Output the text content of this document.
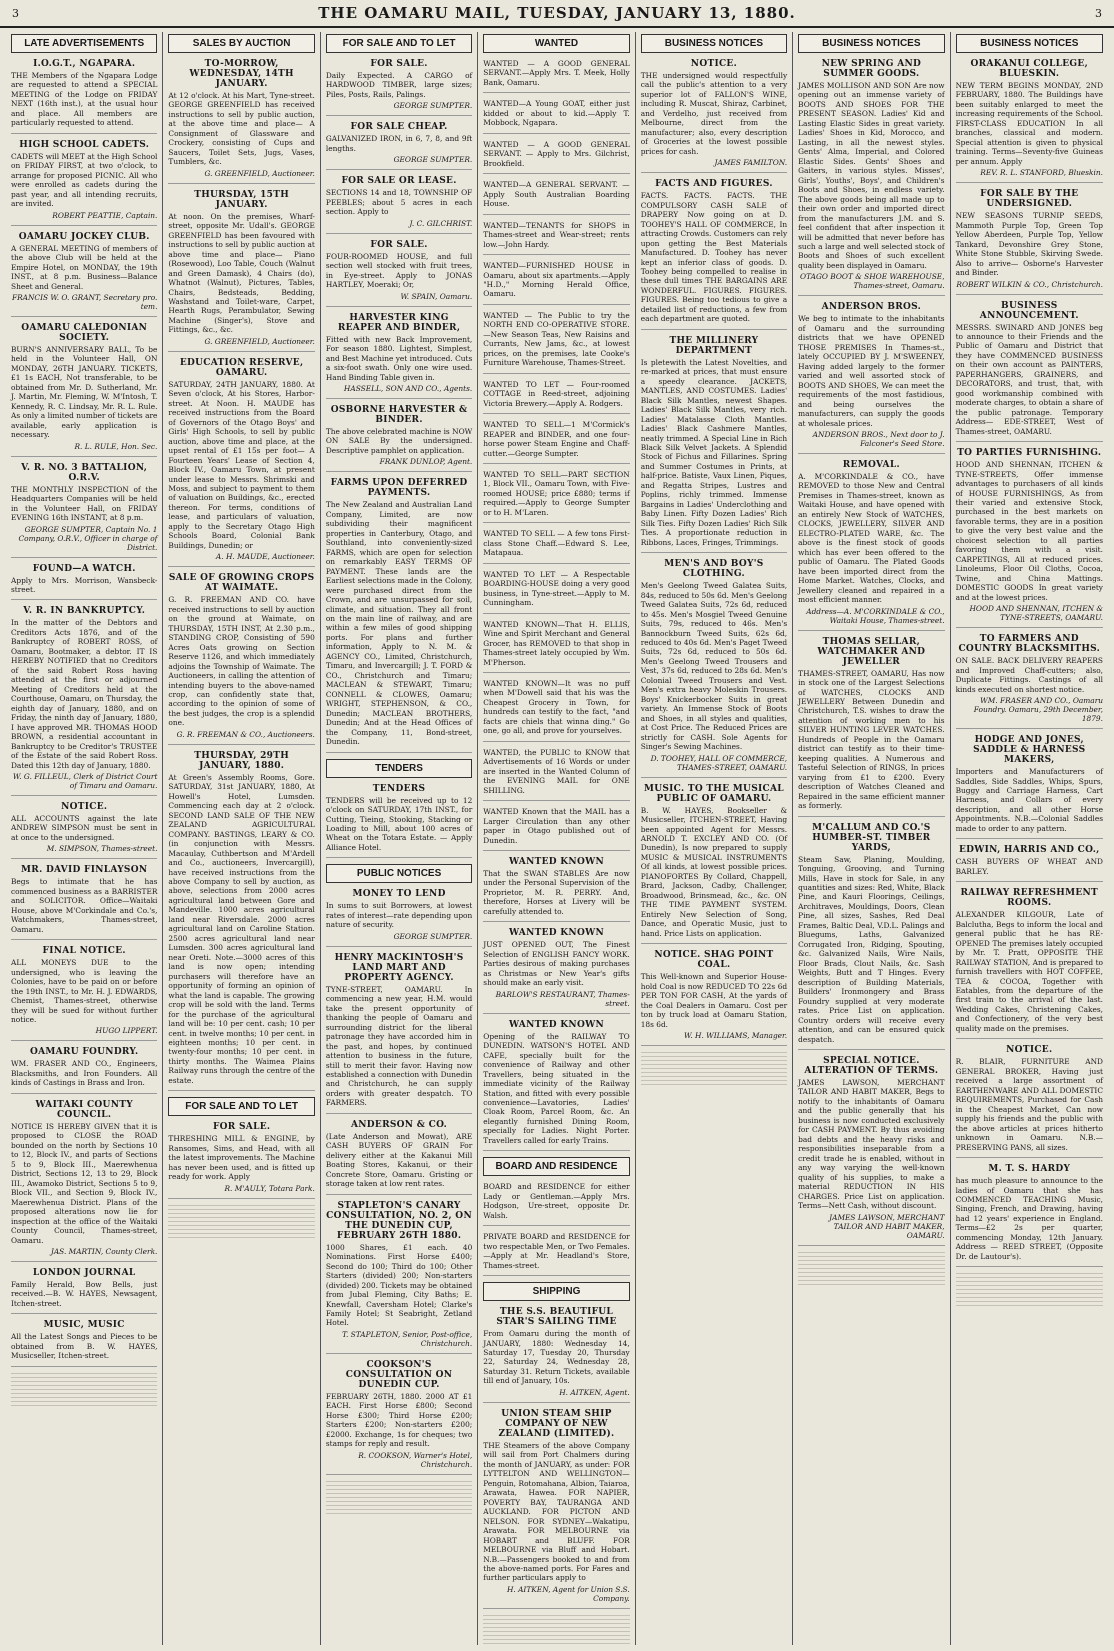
3	THE OAMARU MAIL, TUESDAY, JANUARY 13, 1880.	3
LATE ADVERTISEMENTS
I.O.G.T., NGAPARA.
THE Members of the Ngapara Lodge are requested to attend a SPECIAL MEETING of the Lodge on FRIDAY NEXT (16th inst.), at the usual hour and place. All members are particularly requested to attend.
HIGH SCHOOL CADETS.
CADETS will MEET at the High School on FRIDAY FIRST, at two o'clock, to arrange for proposed PICNIC. All who were enrolled as cadets during the past year, and all intending recruits, are invited.
ROBERT PEATTIE, Captain.
OAMARU JOCKEY CLUB.
A GENERAL MEETING of members of the above Club will be held at the Empire Hotel, on MONDAY, the 19th INST., at 8 p.m. Business—Balance Sheet and General.
FRANCIS W. O. GRANT, Secretary pro. tem.
OAMARU CALEDONIAN SOCIETY.
BURN'S ANNIVERSARY BALL, To be held in the Volunteer Hall, ON MONDAY, 26TH JANUARY. TICKETS, £1 1s EACH, Not transferable, to be obtained from Mr. D. Sutherland, Mr. J. Martin, Mr. Fleming, W. M'Intosh, T. Kennedy, R. C. Lindsay, Mr. R. L. Rule. As only a limited number of tickets are available, early application is necessary.
R. L. RULE, Hon. Sec.
V. R. NO. 3 BATTALION, O.R.V.
THE MONTHLY INSPECTION of the Headquarters Companies will be held in the Volunteer Hall, on FRIDAY EVENING 16th INSTANT, at 8 p.m.
GEORGE SUMPTER, Captain No. 1 Company, O.R.V., Officer in charge of District.
FOUND—A WATCH.
Apply to Mrs. Morrison, Wansbeck-street.
V. R. IN BANKRUPTCY.
In the matter of the Debtors and Creditors Acts 1876, and of the Bankruptcy of ROBERT ROSS, of Oamaru, Bootmaker, a debtor. IT IS HEREBY NOTIFIED that no Creditors of the said Robert Ross having attended at the first or adjourned Meeting of Creditors held at the Courthouse, Oamaru, on Thursday, the eighth day of January, 1880, and on Friday, the ninth day of January, 1880, I have approved MR. THOMAS HOOD BROWN, a residential accountant in Bankruptcy to be Creditor's TRUSTEE of the Estate of the said Robert Ross. Dated this 12th day of January, 1880.
W. G. FILLEUL, Clerk of District Court of Timaru and Oamaru.
NOTICE.
ALL ACCOUNTS against the late ANDREW SIMPSON must be sent in at once to the undersigned.
M. SIMPSON, Thames-street.
MR. DAVID FINLAYSON
Begs to intimate that he has commenced business as a BARRISTER and SOLICITOR. Office—Waitaki House, above M'Corkindale and Co.'s, Watchmakers, Thames-street, Oamaru.
FINAL NOTICE.
ALL MONEYS DUE to the undersigned, who is leaving the Colonies, have to be paid on or before the 19th INST., to Mr. H. J. EDWARDS, Chemist, Thames-street, otherwise they will be sued for without further notice.
HUGO LIPPERT.
OAMARU FOUNDRY.
WM. FRASER AND CO., Engineers, Blacksmiths, and Iron Founders. All kinds of Castings in Brass and Iron.
WAITAKI COUNTY COUNCIL.
NOTICE IS HEREBY GIVEN that it is proposed to CLOSE the ROAD bounded on the north by Sections 10 to 12, Block IV., and parts of Sections 5 to 9, Block III., Maerewhenua District, Sections 12, 13 to 29, Block III., Awamoko District, Sections 5 to 9, Block VII., and Section 9, Block IV., Maerewhenua District. Plans of the proposed alterations now lie for inspection at the office of the Waitaki County Council, Thames-street, Oamaru.
JAS. MARTIN, County Clerk.
LONDON JOURNAL
Family Herald, Bow Bells, just received.—B. W. HAYES, Newsagent, Itchen-street.
MUSIC, MUSIC
All the Latest Songs and Pieces to be obtained from B. W. HAYES, Musicseller, Itchen-street.
SALES BY AUCTION
TO-MORROW, WEDNESDAY, 14TH JANUARY.
At 12 o'clock. At his Mart, Tyne-street. GEORGE GREENFIELD has received instructions to sell by public auction, at the above time and place— A Consignment of Glassware and Crockery, consisting of Cups and Saucers, Toilet Sets, Jugs, Vases, Tumblers, &c.
G. GREENFIELD, Auctioneer.
THURSDAY, 15TH JANUARY.
At noon. On the premises, Wharf-street, opposite Mr. Udall's. GEORGE GREENFIELD has been favoured with instructions to sell by public auction at above time and place— Piano (Rosewood), Loo Table, Couch (Walnut and Green Damask), 4 Chairs (do), Whatnot (Walnut), Pictures, Tables, Chairs, Bedsteads, Bedding, Washstand and Toilet-ware, Carpet, Hearth Rugs, Perambulator, Sewing Machine (Singer's), Stove and Fittings, &c., &c.
G. GREENFIELD, Auctioneer.
EDUCATION RESERVE, OAMARU.
SATURDAY, 24TH JANUARY, 1880. At Seven o'clock, At his Stores, Harbor-street. At Noon. H. MAUDE has received instructions from the Board of Governors of the Otago Boys' and Girls' High Schools, to sell by public auction, above time and place, at the upset rental of £1 15s per foot— A Fourteen Years' Lease of Section 4, Block IV., Oamaru Town, at present under lease to Messrs. Shrimski and Moss, and subject to payment to them of valuation on Buildings, &c., erected thereon. For terms, conditions of lease, and particulars of valuation, apply to the Secretary Otago High Schools Board, Colonial Bank Buildings, Dunedin; or
A. H. MAUDE, Auctioneer.
SALE OF GROWING CROPS AT WAIMATE.
G. R. FREEMAN AND CO. have received instructions to sell by auction on the ground at Waimate, on THURSDAY, 15TH INST, At 2.30 p.m., STANDING CROP, Consisting of 590 Acres Oats growing on Section Reserve 1126, and which immediately adjoins the Township of Waimate. The Auctioneers, in calling the attention of intending buyers to the above-named crop, can confidently state that, according to the opinion of some of the best judges, the crop is a splendid one.
G. R. FREEMAN & CO., Auctioneers.
THURSDAY, 29TH JANUARY, 1880.
At Green's Assembly Rooms, Gore. SATURDAY, 31st JANUARY, 1880, At Howell's Hotel, Lumsden. Commencing each day at 2 o'clock. SECOND LAND SALE OF THE NEW ZEALAND AGRICULTURAL COMPANY. BASTINGS, LEARY & CO. (in conjunction with Messrs. Macaulay, Cuthbertson and M'Ardell and Co., auctioneers, Invercargill), have received instructions from the above Company to sell by auction, as above, selections from 2000 acres agricultural land between Gore and Mandeville. 1000 acres agricultural land near Riversdale. 2000 acres agricultural land on Caroline Station. 2500 acres agricultural land near Lumsden. 300 acres agricultural land near Oreti. Note.—3000 acres of this land is now open; intending purchasers will therefore have an opportunity of forming an opinion of what the land is capable. The growing crop will be sold with the land. Terms for the purchase of the agricultural land will be: 10 per cent. cash; 10 per cent. in twelve months; 10 per cent. in eighteen months; 10 per cent. in twenty-four months; 10 per cent. in thirty months. The Waimea Plains Railway runs through the centre of the estate.
FOR SALE AND TO LET
FOR SALE.
THRESHING MILL & ENGINE, by Ransomes, Sims, and Head, with all the latest improvements. The Machine has never been used, and is fitted up ready for work. Apply
R. M'AULY, Totara Park.
FOR SALE AND TO LET
FOR SALE.
Daily Expected. A CARGO of HARDWOOD TIMBER, large sizes; Piles, Posts, Rails, Palings.
GEORGE SUMPTER.
FOR SALE CHEAP.
GALVANIZED IRON, in 6, 7, 8, and 9ft lengths.
GEORGE SUMPTER.
FOR SALE OR LEASE.
SECTIONS 14 and 18, TOWNSHIP OF PEEBLES; about 5 acres in each section. Apply to
J. C. GILCHRIST.
FOR SALE.
FOUR-ROOMED HOUSE, and full section well stocked with fruit trees, in Eye-street. Apply to JONAS HARTLEY, Moeraki; Or,
W. SPAIN, Oamaru.
HARVESTER KING REAPER AND BINDER,
Fitted with new Back Improvement, For season 1880. Lightest, Simplest, and Best Machine yet introduced. Cuts a six-foot swath. Only one wire used. Hand Binding Table given in.
HASSELL, SON AND CO., Agents.
OSBORNE HARVESTER & BINDER.
The above celebrated machine is NOW ON SALE By the undersigned. Descriptive pamphlet on application.
FRANK DUNLOP, Agent.
FARMS UPON DEFERRED PAYMENTS.
The New Zealand and Australian Land Company, Limited, are now subdividing their magnificent properties in Canterbury, Otago, and Southland, into conveniently-sized FARMS, which are open for selection on remarkably EASY TERMS OF PAYMENT. These lands are the Earliest selections made in the Colony, were purchased direct from the Crown, and are unsurpassed for soil, climate, and situation. They all front on the main line of railway, and are within a few miles of good shipping ports. For plans and further information, Apply to N. M. & AGENCY CO., Limited, Christchurch, Timaru, and Invercargill; J. T. FORD & CO., Christchurch and Timaru; MACLEAN & STEWART, Timaru; CONNELL & CLOWES, Oamaru; WRIGHT, STEPHENSON, & CO., Dunedin; MACLEAN BROTHERS, Dunedin; And at the Head Offices of the Company, 11, Bond-street, Dunedin.
TENDERS
TENDERS
TENDERS will be received up to 12 o'clock on SATURDAY, 17th INST., for Cutting, Tieing, Stooking, Stacking or Loading to Mill, about 100 acres of Wheat on the Totara Estate. — Apply Alliance Hotel.
PUBLIC NOTICES
MONEY TO LEND
In sums to suit Borrowers, at lowest rates of interest—rate depending upon nature of security.
GEORGE SUMPTER.
HENRY MACKINTOSH'S LAND MART AND PROPERTY AGENCY.
TYNE-STREET, OAMARU. In commencing a new year, H.M. would take the present opportunity of thanking the people of Oamaru and surrounding district for the liberal patronage they have accorded him in the past, and hopes, by continued attention to business in the future, still to merit their favor. Having now established a connection with Dunedin and Christchurch, he can supply orders with greater despatch. TO FARMERS.
ANDERSON & CO.
(Late Anderson and Mowat), ARE CASH BUYERS OF GRAIN For delivery either at the Kakanui Mill Boating Stores, Kakanui, or their Concrete Store, Oamaru. Gristing or storage taken at low rent rates.
STAPLETON'S CANARY CONSULTATION, NO. 2, ON THE DUNEDIN CUP, FEBRUARY 26TH 1880.
1000 Shares, £1 each. 40 Nominations. First Horse £400; Second do 100; Third do 100; Other Starters (divided) 200; Non-starters (divided) 200. Tickets may be obtained from Jubal Fleming, City Baths; E. Knewfall, Caversham Hotel; Clarke's Family Hotel; St Seabright, Zetland Hotel.
T. STAPLETON, Senior, Post-office, Christchurch.
COOKSON'S CONSULTATION ON DUNEDIN CUP.
FEBRUARY 26TH, 1880. 2000 AT £1 EACH. First Horse £800; Second Horse £300; Third Horse £200; Starters £200; Non-starters £200; £2000. Exchange, 1s for cheques; two stamps for reply and result.
R. COOKSON, Warner's Hotel, Christchurch.
WANTED
WANTED — A GOOD GENERAL SERVANT.—Apply Mrs. T. Meek, Holly Bank, Oamaru.
WANTED—A Young GOAT, either just kidded or about to kid.—Apply T. Mobbock, Ngapara.
WANTED — A GOOD GENERAL SERVANT. — Apply to Mrs. Gilchrist, Brookfield.
WANTED—A GENERAL SERVANT. — Apply South Australian Boarding House.
WANTED—TENANTS for SHOPS in Thames-street and Wear-street; rents low.—John Hardy.
WANTED—FURNISHED HOUSE in Oamaru, about six apartments.—Apply "H.D.," Morning Herald Office, Oamaru.
WANTED — The Public to try the NORTH END CO-OPERATIVE STORE.—New Season Teas, New Raisins and Currants, New Jams, &c., at lowest prices, on the premises, late Cooke's Furniture Warehouse, Thames-Street.
WANTED TO LET — Four-roomed COTTAGE in Reed-street, adjoining Victoria Brewery.—Apply A. Rodgers.
WANTED TO SELL—1 M'Cormick's REAPER and BINDER, and one four-horse power Steam Engine and Chaff-cutter.—George Sumpter.
WANTED TO SELL—PART SECTION 1, Block VII., Oamaru Town, with Five-roomed HOUSE; price £880; terms if required.—Apply to George Sumpter or to H. M'Laren.
WANTED TO SELL — A few tons First-class Stone Chaff.—Edward S. Lee, Matapaua.
WANTED TO LET — A Respectable BOARDING-HOUSE doing a very good business, in Tyne-street.—Apply to M. Cunningham.
WANTED KNOWN—That H. ELLIS, Wine and Spirit Merchant and General Grocer, has REMOVED to that shop in Thames-street lately occupied by Wm. M'Pherson.
WANTED KNOWN—It was no puff when M'Dowell said that his was the Cheapest Grocery in Town, for hundreds can testify to the fact, "and facts are chiels that winna ding." Go one, go all, and prove for yourselves.
WANTED, the PUBLIC to KNOW that Advertisements of 16 Words or under are inserted in the Wanted Column of the EVENING MAIL for ONE SHILLING.
WANTED Known that the MAIL has a Larger Circulation than any other paper in Otago published out of Dunedin.
WANTED KNOWN
That the SWAN STABLES Are now under the Personal Supervision of the Proprietor, M. R. PERRY. And, therefore, Horses at Livery will be carefully attended to.
WANTED KNOWN
JUST OPENED OUT, The Finest Selection of ENGLISH FANCY WORK. Parties desirous of making purchases as Christmas or New Year's gifts should make an early visit.
BARLOW'S RESTAURANT, Thames-street.
WANTED KNOWN
Opening of the RAILWAY TO DUNEDIN. WATSON'S HOTEL AND CAFE, specially built for the convenience of Railway and other Travellers, being situated in the immediate vicinity of the Railway Station, and fitted with every possible convenience—Lavatories, Ladies' Cloak Room, Parcel Room, &c. An elegantly furnished Dining Room, specially for Ladies. Night Porter. Travellers called for early Trains.
BOARD AND RESIDENCE
BOARD and RESIDENCE for either Lady or Gentleman.—Apply Mrs. Hodgson, Ure-street, opposite Dr. Walsh.
PRIVATE BOARD and RESIDENCE for two respectable Men, or Two Females.—Apply at Mr. Headland's Store, Thames-street.
SHIPPING
THE S.S. BEAUTIFUL STAR'S SAILING TIME
From Oamaru during the month of JANUARY, 1880: Wednesday 14, Saturday 17, Tuesday 20, Thursday 22, Saturday 24, Wednesday 28, Saturday 31. Return Tickets, available till end of January, 10s.
H. AITKEN, Agent.
UNION STEAM SHIP COMPANY OF NEW ZEALAND (LIMITED).
THE Steamers of the above Company will sail from Port Chalmers during the month of JANUARY, as under: FOR LYTTELTON AND WELLINGTON—Penguin, Rotomahana, Albion, Taiaroa, Arawata, Hawea. FOR NAPIER, POVERTY BAY, TAURANGA AND AUCKLAND. FOR PICTON AND NELSON. FOR SYDNEY—Wakatipu, Arawata. FOR MELBOURNE via HOBART and BLUFF. FOR MELBOURNE via Bluff and Hobart. N.B.—Passengers booked to and from the above-named ports. For Fares and further particulars apply to
H. AITKEN, Agent for Union S.S. Company.
BUSINESS NOTICES
NOTICE.
THE undersigned would respectfully call the public's attention to a very superior lot of FALLON'S WINE, including R. Muscat, Shiraz, Carbinet, and Verdelho, just received from Melbourne, direct from the manufacturer; also, every description of Groceries at the lowest possible prices for cash.
JAMES FAMILTON.
FACTS AND FIGURES.
FACTS. FACTS. FACTS. THE COMPULSORY CASH SALE of DRAPERY Now going on at D. TOOHEY'S HALL OF COMMERCE, In attracting Crowds. Customers can rely upon getting the Best Materials Manufactured. D. Toohey has never kept an inferior class of goods. D. Toohey being compelled to realise in these dull times THE BARGAINS ARE WONDERFUL. FIGURES. FIGURES. FIGURES. Being too tedious to give a detailed list of reductions, a few from each department are quoted.
THE MILLINERY DEPARTMENT
Is pletewith the Latest Novelties, and re-marked at prices, that must ensure a speedy clearance. JACKETS, MANTLES, AND COSTUMES. Ladies' Black Silk Mantles, newest Shapes. Ladies' Black Silk Mantles, very rich. Ladies' Matalasse Cloth Mantles. Ladies' Black Cashmere Mantles, neatly trimmed. A Special Line in Rich Black Silk Velvet Jackets. A Splendid Stock of Fichus and Fillarines. Spring and Summer Costumes in Prints, at half-price. Batiste, Vaux Linen, Piques, and Regatta Stripes, Lustres and Poplins, richly trimmed. Immense Bargains in Ladies' Underclothing and Baby Linen. Fifty Dozen Ladies' Rich Silk Ties. Fifty Dozen Ladies' Rich Silk Ties. A proportionate reduction in Ribbons, Laces, Fringes, Trimmings.
MEN'S AND BOY'S CLOTHING.
Men's Geelong Tweed Galatea Suits, 84s, reduced to 50s 6d. Men's Geelong Tweed Galatea Suits, 72s 6d, reduced to 45s. Men's Mosgiel Tweed Genuine Suits, 79s, reduced to 46s. Men's Bannockburn Tweed Suits, 62s 6d, reduced to 40s 6d. Men's Paget Tweed Suits, 72s 6d, reduced to 50s 6d. Men's Geelong Tweed Trousers and Vest, 37s 6d, reduced to 28s 6d. Men's Colonial Tweed Trousers and Vest. Men's extra heavy Moleskin Trousers. Boys' Knickerbocker Suits in great variety. An Immense Stock of Boots and Shoes, in all styles and qualities, at Cost Price. The Reduced Prices are strictly for CASH. Sole Agents for Singer's Sewing Machines.
D. TOOHEY, HALL OF COMMERCE, THAMES-STREET, OAMARU.
MUSIC. TO THE MUSICAL PUBLIC OF OAMARU.
B. W. HAYES, Bookseller & Musicseller, ITCHEN-STREET, Having been appointed Agent for Messrs. ARNOLD T. EXCLEY AND CO. (Of Dunedin), Is now prepared to supply MUSIC & MUSICAL INSTRUMENTS Of all kinds, at lowest possible prices. PIANOFORTES By Collard, Chappell, Brard, Jackson, Cadby, Challenger, Broadwood, Brinsmead, &c., &c. ON THE TIME PAYMENT SYSTEM. Entirely New Selection of Song, Dance, and Operatic Music, just to hand. Price Lists on application.
NOTICE. SHAG POINT COAL.
This Well-known and Superior House-hold Coal is now REDUCED TO 22s 6d PER TON FOR CASH, At the yards of the Coal Dealers in Oamaru. Cost per ton by truck load at Oamaru Station, 18s 6d.
W. H. WILLIAMS, Manager.
BUSINESS NOTICES
NEW SPRING AND SUMMER GOODS.
JAMES MOLLISON AND SON Are now opening out an immense variety of BOOTS AND SHOES FOR THE PRESENT SEASON. Ladies' Kid and Lasting Elastic Sides in great variety. Ladies' Shoes in Kid, Morocco, and Lasting, in all the newest styles. Gents' Alma, Imperial, and Colored Elastic Sides. Gents' Shoes and Gaiters, in various styles. Misses', Girls', Youths', Boys', and Children's Boots and Shoes, in endless variety. The above goods being all made up to their own order and imported direct from the manufacturers J.M. and S. feel confident that after inspection it will be admitted that never before has such a large and well selected stock of Boots and Shoes of such excellent quality been displayed in Oamaru.
OTAGO BOOT & SHOE WAREHOUSE, Thames-street, Oamaru.
ANDERSON BROS.
We beg to intimate to the inhabitants of Oamaru and the surrounding districts that we have OPENED THOSE PREMISES In Thames-st., lately OCCUPIED BY J. M'SWEENEY, Having added largely to the former varied and well assorted stock of BOOTS AND SHOES, We can meet the requirements of the most fastidious, and being ourselves the manufacturers, can supply the goods at wholesale prices.
ANDERSON BROS., Next door to J. Falconer's Seed Store.
REMOVAL.
A. M'CORKINDALE & CO., have REMOVED to those New and Central Premises in Thames-street, known as Waitaki House, and have opened with an entirely New Stock of WATCHES, CLOCKS, JEWELLERY, SILVER AND ELECTRO-PLATED WARE, &c. The above is the finest stock of goods which has ever been offered to the public of Oamaru. The Plated Goods have been imported direct from the Home Market. Watches, Clocks, and Jewellery cleaned and repaired in a most efficient manner.
Address—A. M'CORKINDALE & CO., Waitaki House, Thames-street.
THOMAS SELLAR, WATCHMAKER AND JEWELLER
THAMES-STREET, OAMARU, Has now in stock one of the Largest Selections of WATCHES, CLOCKS AND JEWELLERY Between Dunedin and Christchurch, T.S. wishes to draw the attention of working men to his SILVER HUNTING LEVER WATCHES. Hundreds of People in the Oamaru district can testify as to their time-keeping qualities. A Numerous and Tasteful Selection of RINGS, In prices varying from £1 to £200. Every description of Watches Cleaned and Repaired in the same efficient manner as formerly.
M'CALLUM AND CO.'S HUMBER-ST. TIMBER YARDS,
Steam Saw, Planing, Moulding, Tonguing, Grooving, and Turning Mills, Have in stock for Sale, in any quantities and sizes: Red, White, Black Pine, and Kauri Floorings, Ceilings, Architraves, Mouldings, Doors, Clean Pine, all sizes, Sashes, Red Deal Frames, Baltic Deal, V.D.L. Palings and Bluegums, Laths, Galvanized Corrugated Iron, Ridging, Spouting, &c. Galvanized Nails, Wire Nails, Floor Brads, Clout Nails, &c. Sash Weights, Butt and T Hinges. Every description of Building Materials, Builders' Ironmongery and Brass Foundry supplied at very moderate rates. Price List on application. Country orders will receive every attention, and can be ensured quick despatch.
SPECIAL NOTICE. ALTERATION OF TERMS.
JAMES LAWSON, MERCHANT TAILOR AND HABIT MAKER, Begs to notify to the inhabitants of Oamaru and the public generally that his business is now conducted exclusively for CASH PAYMENT. By thus avoiding bad debts and the heavy risks and responsibilities inseparable from a credit trade he is enabled, without in any way varying the well-known quality of his supplies, to make a material REDUCTION IN HIS CHARGES. Price List on application. Terms—Nett Cash, without discount.
JAMES LAWSON, MERCHANT TAILOR AND HABIT MAKER, OAMARU.
BUSINESS NOTICES
ORAKANUI COLLEGE, BLUESKIN.
NEW TERM BEGINS MONDAY, 2ND FEBRUARY, 1880. The Buildings have been suitably enlarged to meet the increasing requirements of the School. FIRST-CLASS EDUCATION In all branches, classical and modern. Special attention is given to physical training. Terms—Seventy-five Guineas per annum. Apply
REV. R. L. STANFORD, Blueskin.
FOR SALE BY THE UNDERSIGNED.
NEW SEASONS TURNIP SEEDS, Mammoth Purple Top, Green Top Yellow Aberdeen, Purple Top, Yellow Tankard, Devonshire Grey Stone, White Stone Stubble, Skirving Swede. Also to arrive— Osborne's Harvester and Binder.
ROBERT WILKIN & CO., Christchurch.
BUSINESS ANNOUNCEMENT.
MESSRS. SWINARD AND JONES beg to announce to their Friends and the Public of Oamaru and District that they have COMMENCED BUSINESS on their own account as PAINTERS, PAPERHANGERS, GRAINERS, and DECORATORS, and trust, that, with good workmanship combined with moderate charges, to obtain a share of the public patronage. Temporary Address— EDE-STREET, West of Thames-street, OAMARU.
TO PARTIES FURNISHING.
HOOD AND SHENNAN, ITCHEN & TYNE-STREETS, Offer immense advantages to purchasers of all kinds of HOUSE FURNISHINGS, As from their varied and extensive Stock, purchased in the best markets on favorable terms, they are in a position to give the very best value and the choicest selection to all parties favoring them with a visit. CARPETINGS, All at reduced prices. Linoleums, Floor Oil Cloths, Cocoa, Twine, and China Mattings. DOMESTIC GOODS In great variety and at the lowest prices.
HOOD AND SHENNAN, ITCHEN & TYNE-STREETS, OAMARU.
TO FARMERS AND COUNTRY BLACKSMITHS.
ON SALE. BACK DELIVERY REAPERS and Improved Chaff-cutters; also, Duplicate Fittings. Castings of all kinds executed on shortest notice.
WM. FRASER AND CO., Oamaru Foundry. Oamaru, 29th December, 1879.
HODGE AND JONES, SADDLE & HARNESS MAKERS,
Importers and Manufacturers of Saddles, Side Saddles, Whips, Spurs, Buggy and Carriage Harness, Cart Harness, and Collars of every description, and all other Horse Appointments. N.B.—Colonial Saddles made to order to any pattern.
EDWIN, HARRIS AND CO.,
CASH BUYERS OF WHEAT AND BARLEY.
RAILWAY REFRESHMENT ROOMS.
ALEXANDER KILGOUR, Late of Balclutha, Begs to inform the local and general public that he has RE-OPENED The premises lately occupied by Mr. T. Pratt, OPPOSITE THE RAILWAY STATION, And is prepared to furnish travellers with HOT COFFEE, TEA & COCOA, Together with Eatables, from the departure of the first train to the arrival of the last. Wedding Cakes, Christening Cakes, and Confectionery, of the very best quality made on the premises.
NOTICE.
R. BLAIR, FURNITURE AND GENERAL BROKER, Having just received a large assortment of EARTHENWARE AND ALL DOMESTIC REQUIREMENTS, Purchased for Cash in the Cheapest Market, Can now supply his friends and the public with the above articles at prices hitherto unknown in Oamaru. N.B.—PRESERVING PANS, all sizes.
M. T. S. HARDY
has much pleasure to announce to the ladies of Oamaru that she has COMMENCED TEACHING Music, Singing, French, and Drawing, having had 12 years' experience in England. Terms—£2 2s per quarter, commencing Monday, 12th January. Address — REED STREET, (Opposite Dr. de Lautour's).
